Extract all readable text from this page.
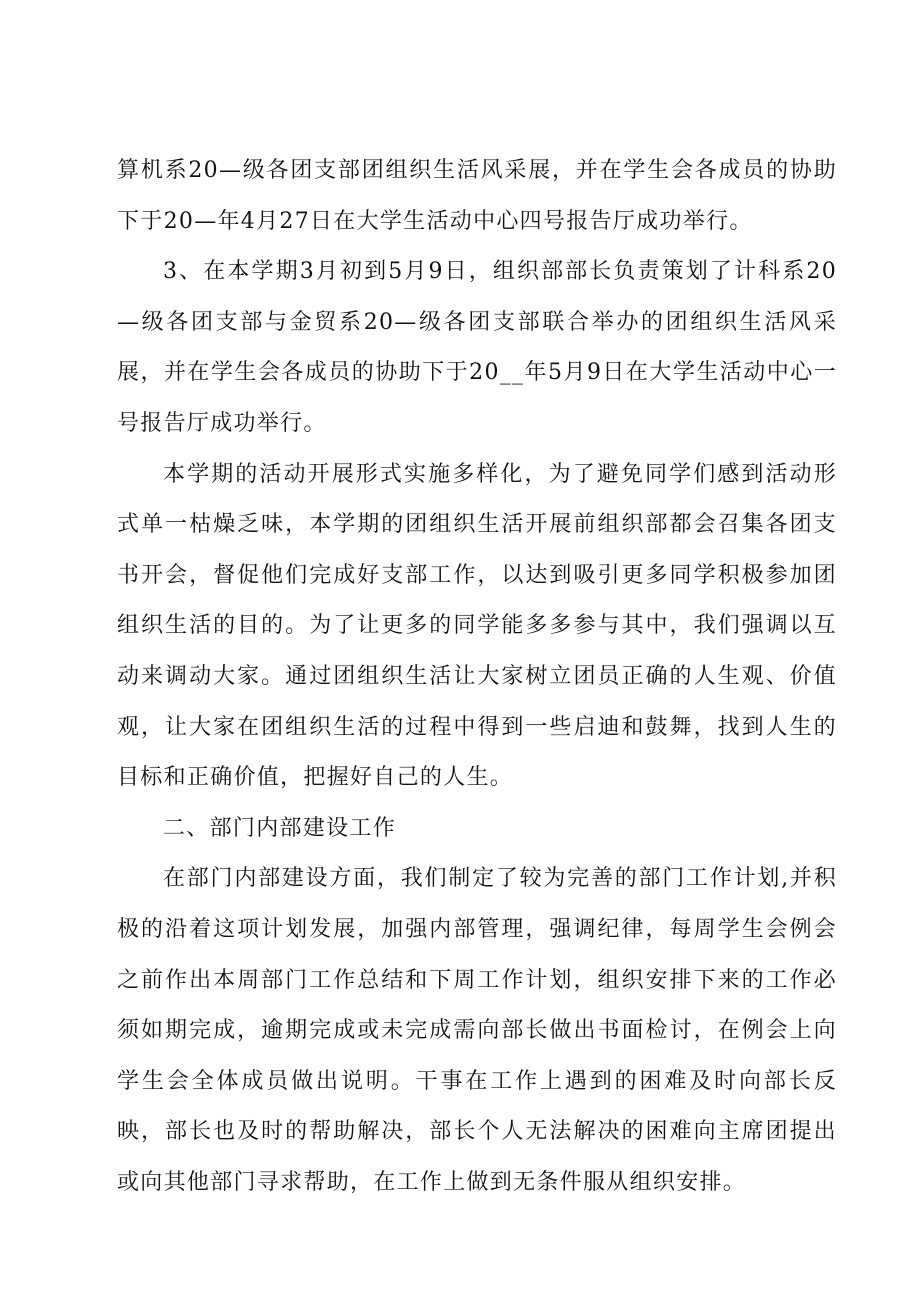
算机系20—级各团支部团组织生活风采展，并在学生会各成员的协助下于20—年4月27日在大学生活动中心四号报告厅成功举行。

3、在本学期3月初到5月9日，组织部部长负责策划了计科系20—级各团支部与金贸系20—级各团支部联合举办的团组织生活风采展，并在学生会各成员的协助下于20__年5月9日在大学生活动中心一号报告厅成功举行。

本学期的活动开展形式实施多样化，为了避免同学们感到活动形式单一枯燥乏味，本学期的团组织生活开展前组织部都会召集各团支书开会，督促他们完成好支部工作，以达到吸引更多同学积极参加团组织生活的目的。为了让更多的同学能多多参与其中，我们强调以互动来调动大家。通过团组织生活让大家树立团员正确的人生观、价值观，让大家在团组织生活的过程中得到一些启迪和鼓舞，找到人生的目标和正确价值，把握好自己的人生。

二、部门内部建设工作

在部门内部建设方面，我们制定了较为完善的部门工作计划,并积极的沿着这项计划发展，加强内部管理，强调纪律，每周学生会例会之前作出本周部门工作总结和下周工作计划，组织安排下来的工作必须如期完成，逾期完成或未完成需向部长做出书面检讨，在例会上向学生会全体成员做出说明。干事在工作上遇到的困难及时向部长反映，部长也及时的帮助解决，部长个人无法解决的困难向主席团提出或向其他部门寻求帮助，在工作上做到无条件服从组织安排。
